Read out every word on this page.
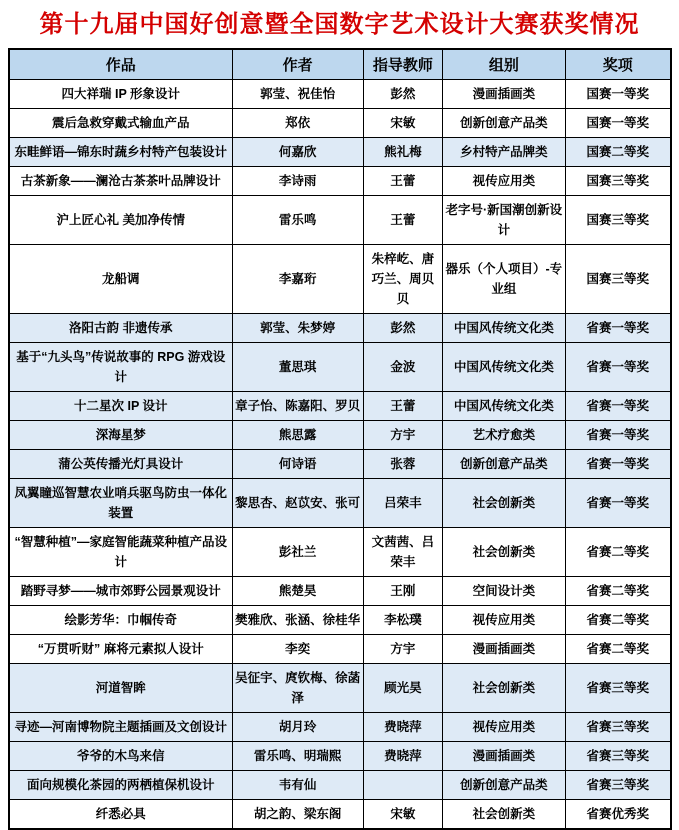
第十九届中国好创意暨全国数字艺术设计大赛获奖情况
作品	作者	指导教师	组别	奖项
四大祥瑞 IP 形象设计	郭莹、祝佳怡	彭然	漫画插画类	国赛一等奖
震后急救穿戴式输血产品	郑依	宋敏	创新创意产品类	国赛一等奖
东畦鲜语—锦东时蔬乡村特产包装设计	何嘉欣	熊礼梅	乡村特产品牌类	国赛二等奖
古茶新象——澜沧古茶茶叶品牌设计	李诗雨	王蕾	视传应用类	国赛三等奖
沪上匠心礼 美加净传情	雷乐鸣	王蕾	老字号·新国潮创新设计	国赛三等奖
龙船调	李嘉珩	朱梓屹、唐巧兰、周贝贝	器乐（个人项目）-专业组	国赛三等奖
洛阳古韵 非遗传承	郭莹、朱梦婷	彭然	中国风传统文化类	省赛一等奖
基于“九头鸟”传说故事的 RPG 游戏设计	董思琪	金波	中国风传统文化类	省赛一等奖
十二星次 IP 设计	章子怡、陈嘉阳、罗贝	王蕾	中国风传统文化类	省赛一等奖
深海星梦	熊思露	方宇	艺术疗愈类	省赛一等奖
蒲公英传播光灯具设计	何诗语	张蓉	创新创意产品类	省赛一等奖
凤翼瞳巡智慧农业哨兵驱鸟防虫一体化装置	黎思杏、赵苡安、张可	吕荣丰	社会创新类	省赛一等奖
“智慧种植”—家庭智能蔬菜种植产品设计	彭社兰	文茜茜、吕荣丰	社会创新类	省赛二等奖
踏野寻梦——城市郊野公园景观设计	熊楚昊	王刚	空间设计类	省赛二等奖
绘影芳华：巾帼传奇	樊雅欣、张涵、徐桂华	李松璞	视传应用类	省赛二等奖
“万贯听财” 麻将元素拟人设计	李奕	方宇	漫画插画类	省赛二等奖
河道智眸	吴征宇、庹钦梅、徐菡泽	顾光昊	社会创新类	省赛三等奖
寻迹—河南博物院主题插画及文创设计	胡月玲	费晓萍	视传应用类	省赛三等奖
爷爷的木鸟来信	雷乐鸣、明瑞熙	费晓萍	漫画插画类	省赛三等奖
面向规模化茶园的两栖植保机设计	韦有仙		创新创意产品类	省赛三等奖
纤悉必具	胡之韵、梁东阁	宋敏	社会创新类	省赛优秀奖
